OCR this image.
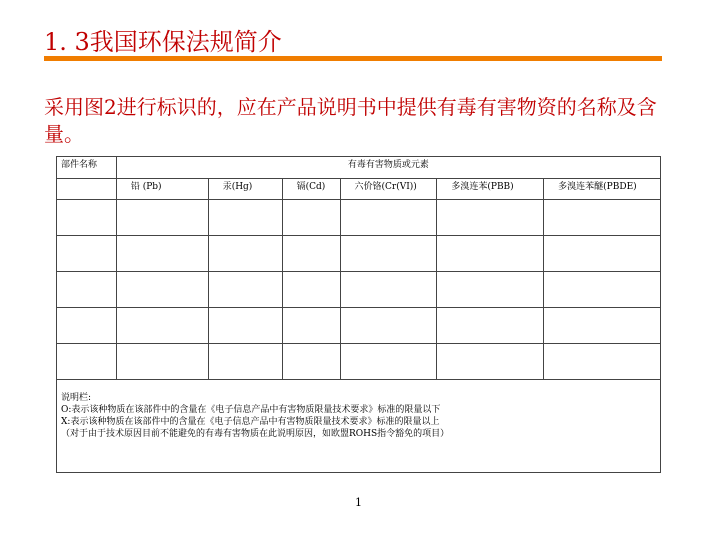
1. 3我国环保法规简介
采用图2进行标识的，应在产品说明书中提供有毒有害物资的名称及含量。
部件名称	有毒有害物质或元素					
	铅 (Pb)	汞(Hg)	镉(Cd)	六价铬(Cr(VI))	多溴连苯(PBB)	多溴连苯醚(PBDE)

说明栏:
O:表示该种物质在该部件中的含量在《电子信息产品中有害物质限量技术要求》标准的限量以下
X:表示该种物质在该部件中的含量在《电子信息产品中有害物质限量技术要求》标准的限量以上
（对于由于技术原因目前不能避免的有毒有害物质在此说明原因，如欧盟ROHS指令豁免的项目）						
1
